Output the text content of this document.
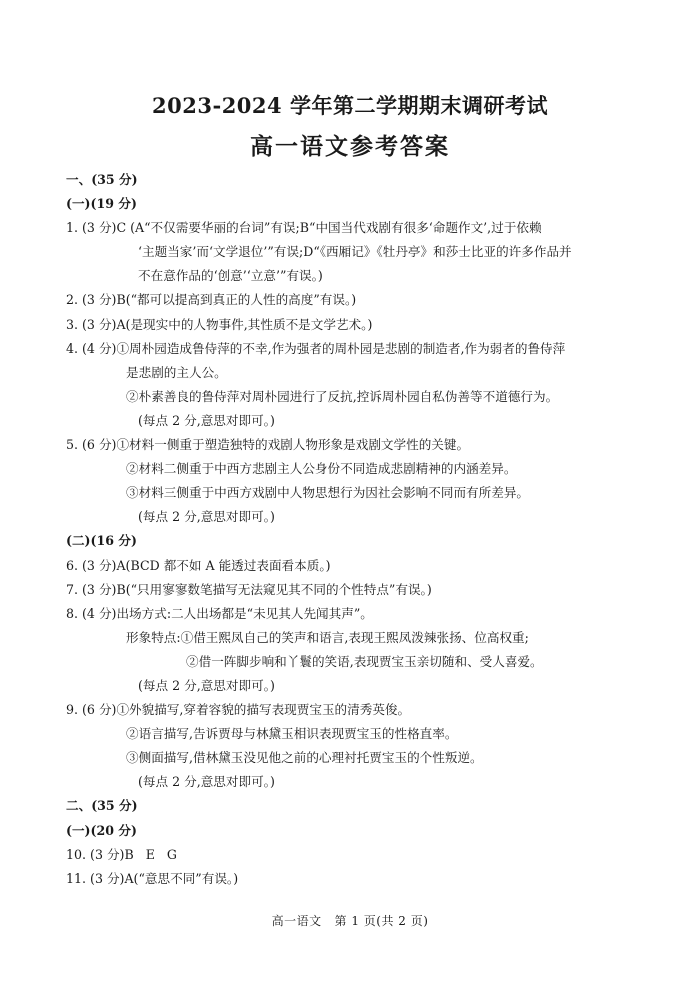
2023-2024 学年第二学期期末调研考试
高一语文参考答案
一、(35 分)
(一)(19 分)
1. (3 分)C (A“不仅需要华丽的台词”有误;B“中国当代戏剧有很多‘命题作文’,过于依赖
‘主题当家’而‘文学退位’”有误;D“《西厢记》《牡丹亭》和莎士比亚的许多作品并
不在意作品的‘创意’‘立意’”有误。)
2. (3 分)B(“都可以提高到真正的人性的高度”有误。)
3. (3 分)A(是现实中的人物事件,其性质不是文学艺术。)
4. (4 分)①周朴园造成鲁侍萍的不幸,作为强者的周朴园是悲剧的制造者,作为弱者的鲁侍萍
是悲剧的主人公。
②朴素善良的鲁侍萍对周朴园进行了反抗,控诉周朴园自私伪善等不道德行为。
(每点 2 分,意思对即可。)
5. (6 分)①材料一侧重于塑造独特的戏剧人物形象是戏剧文学性的关键。
②材料二侧重于中西方悲剧主人公身份不同造成悲剧精神的内涵差异。
③材料三侧重于中西方戏剧中人物思想行为因社会影响不同而有所差异。
(每点 2 分,意思对即可。)
(二)(16 分)
6. (3 分)A(BCD 都不如 A 能透过表面看本质。)
7. (3 分)B(“只用寥寥数笔描写无法窥见其不同的个性特点”有误。)
8. (4 分)出场方式:二人出场都是“未见其人先闻其声”。
形象特点:①借王熙凤自己的笑声和语言,表现王熙凤泼辣张扬、位高权重;
②借一阵脚步响和丫鬟的笑语,表现贾宝玉亲切随和、受人喜爱。
(每点 2 分,意思对即可。)
9. (6 分)①外貌描写,穿着容貌的描写表现贾宝玉的清秀英俊。
②语言描写,告诉贾母与林黛玉相识表现贾宝玉的性格直率。
③侧面描写,借林黛玉没见他之前的心理衬托贾宝玉的个性叛逆。
(每点 2 分,意思对即可。)
二、(35 分)
(一)(20 分)
10. (3 分)B   E   G
11. (3 分)A(“意思不同”有误。)
高一语文   第 1 页(共 2 页)
